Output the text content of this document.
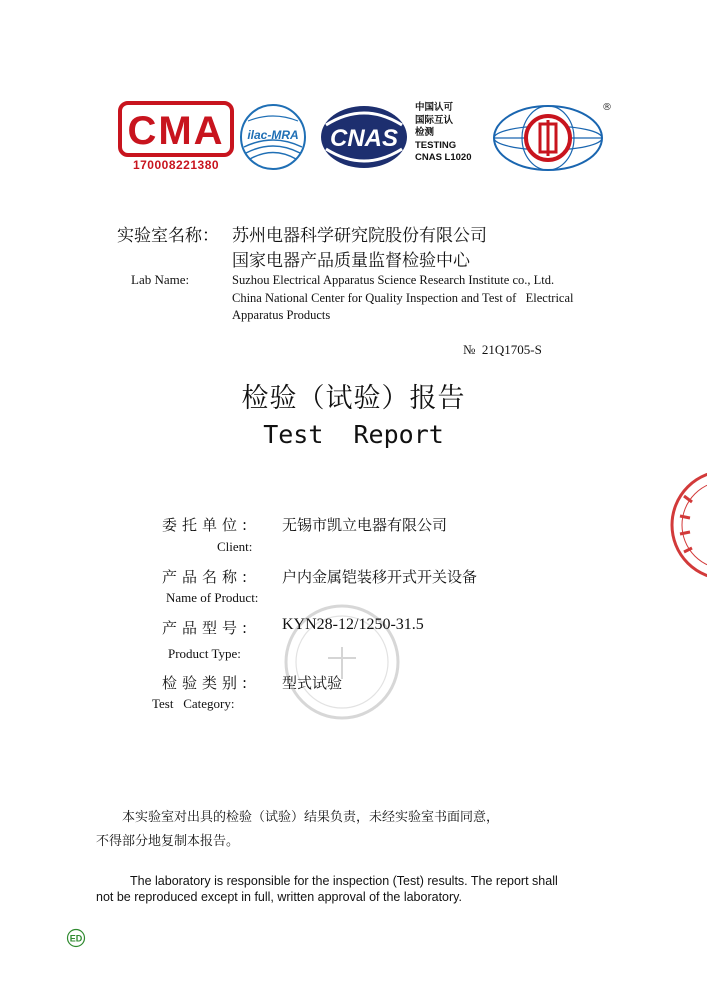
CMA
170008221380
ilac-MRA CNAS
中国认可
国际互认
检测
TESTING
CNAS L1020
®
实验室名称： 苏州电器科学研究院股份有限公司
国家电器产品质量监督检验中心
Lab Name:	Suzhou Electrical Apparatus Science Research Institute co., Ltd.
China National Center for Quality Inspection and Test of   Electrical
Apparatus Products
№  21Q1705-S
检验（试验）报告
Test  Report
委托单位: 无锡市凯立电器有限公司
Client:
产品名称: 户内金属铠装移开式开关设备
Name of Product:
产品型号: KYN28-12/1250-31.5
Product Type:
检验类别: 型式试验
Test   Category:

本实验室对出具的检验（试验）结果负责，未经实验室书面同意，

不得部分地复制本报告。

The laboratory is responsible for the inspection (Test) results. The report shall

not be reproduced except in full, written approval of the laboratory.

ED
